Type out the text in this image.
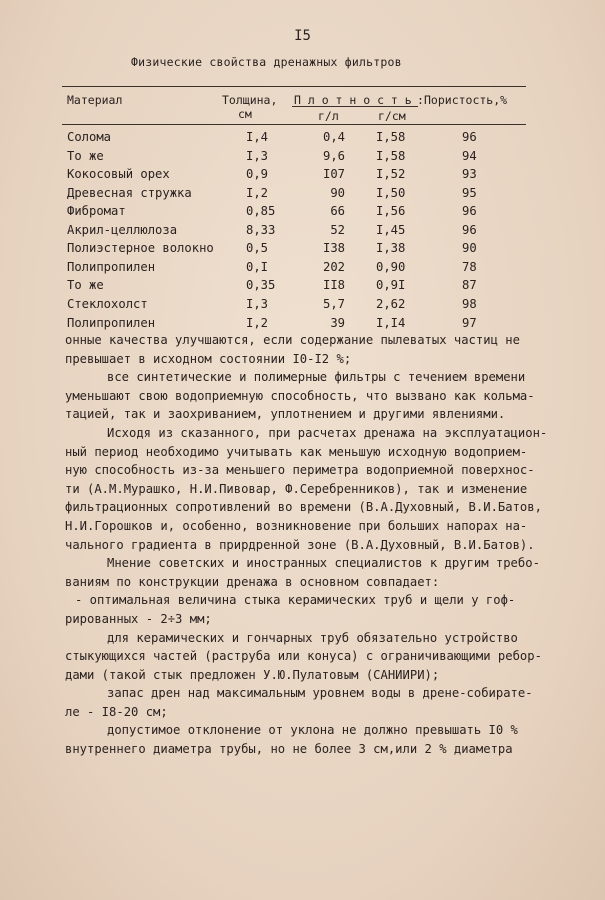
I5
Физические свойства дренажных фильтров
Материал	Толщина,
см
П л о т н о с т ь : Пористость,%
г/л	г/см
Солома	I,4	0,4	I,58	96
То же	I,3	9,6	I,58	94
Кокосовый орех	0,9	I07	I,52	93
Древесная стружка	I,2	90	I,50	95
Фибромат	0,85	66	I,56	96
Акрил-целлюлоза	8,33	52	I,45	96
Полиэстерное волокно	0,5	I38	I,38	90
Полипропилен	0,I	202	0,90	78
То же	0,35	II8	0,9I	87
Стеклохолст	I,3	5,7	2,62	98
Полипропилен	I,2	39	I,I4	97
онные качества улучшаются, если содержание пылеватых частиц не
превышает в исходном состоянии I0-I2 %;
все синтетические и полимерные фильтры с течением времени
уменьшают свою водоприемную способность, что вызвано как кольма-
тацией, так и заохриванием, уплотнением и другими явлениями.
Исходя из сказанного, при расчетах дренажа на эксплуатацион-
ный период необходимо учитывать как меньшую исходную водоприем-
ную способность из-за меньшего периметра водоприемной поверхнос-
ти (А.М.Мурашко, Н.И.Пивовар, Ф.Серебренников), так и изменение
фильтрационных сопротивлений во времени (В.А.Духовный, В.И.Батов,
Н.И.Горошков и, особенно, возникновение при больших напорах на-
чального градиента в прирдренной зоне (В.А.Духовный, В.И.Батов).
Мнение советских и иностранных специалистов к другим требо-
ваниям по конструкции дренажа в основном совпадает:
- оптимальная величина стыка керамических труб и щели у гоф-
рированных - 2÷3 мм;
для керамических и гончарных труб обязательно устройство
стыкующихся частей (раструба или конуса) с ограничивающими ребор-
дами (такой стык предложен У.Ю.Пулатовым (САНИИРИ);
запас дрен над максимальным уровнем воды в дрене-собирате-
ле - I8-20 см;
допустимое отклонение от уклона не должно превышать I0 %
внутреннего диаметра трубы, но не более 3 см,или 2 % диаметра
